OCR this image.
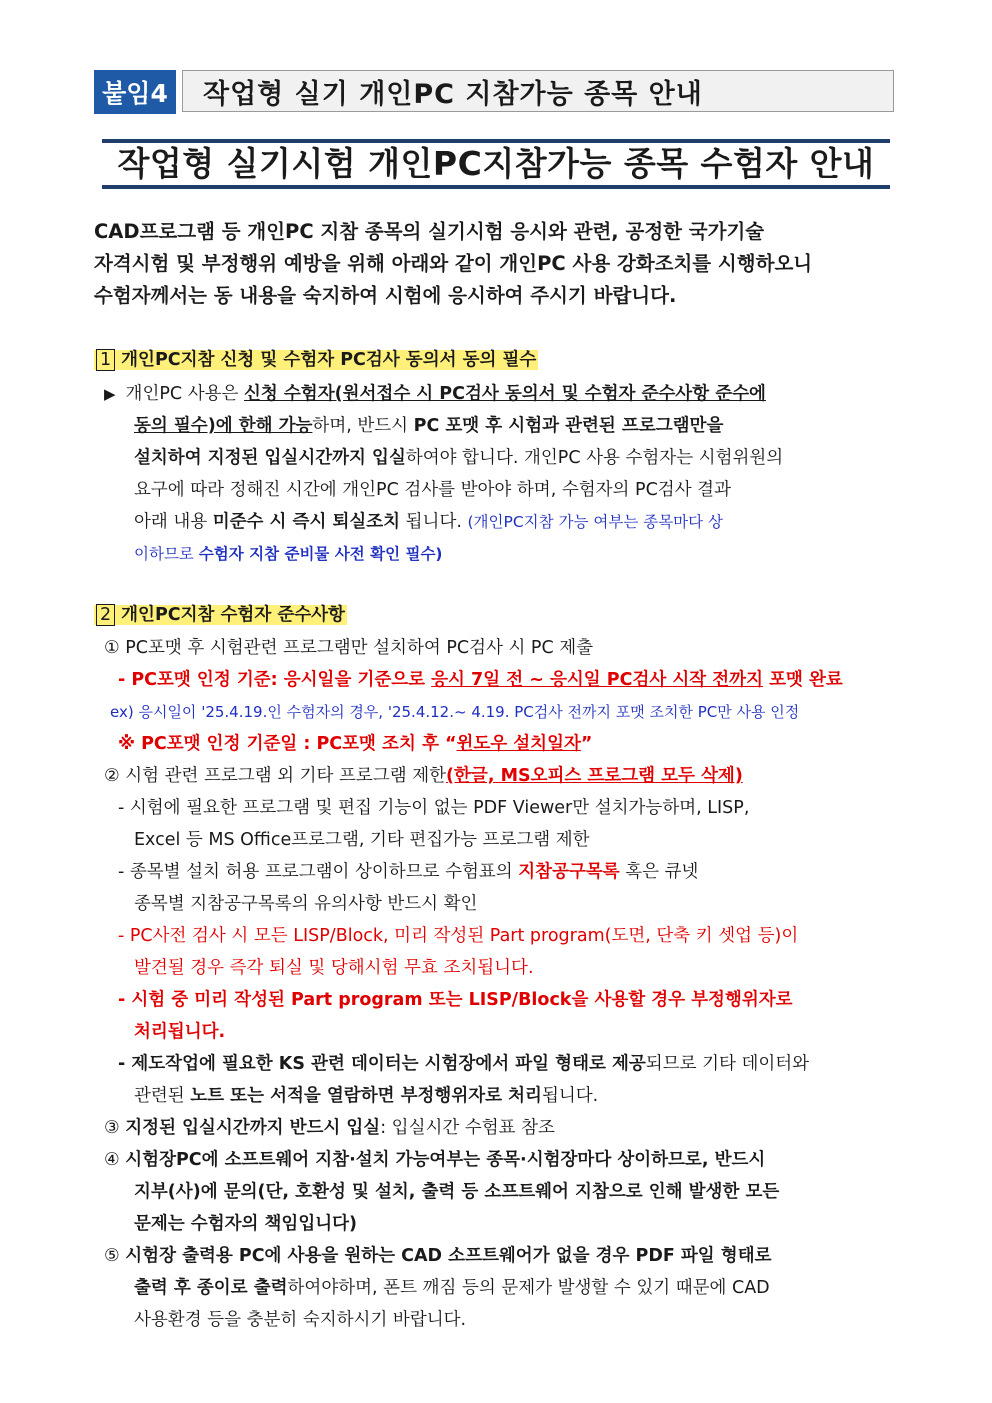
붙임4	작업형 실기 개인PC 지참가능 종목 안내
작업형 실기시험 개인PC지참가능 종목 수험자 안내
CAD프로그램 등 개인PC 지참 종목의 실기시험 응시와 관련, 공정한 국가기술
자격시험 및 부정행위 예방을 위해 아래와 같이 개인PC 사용 강화조치를 시행하오니
수험자께서는 동 내용을 숙지하여 시험에 응시하여 주시기 바랍니다.
1 개인PC지참 신청 및 수험자 PC검사 동의서 동의 필수
▶ 개인PC 사용은 신청 수험자(원서접수 시 PC검사 동의서 및 수험자 준수사항 준수에
동의 필수)에 한해 가능하며, 반드시 PC 포맷 후 시험과 관련된 프로그램만을
설치하여 지정된 입실시간까지 입실하여야 합니다. 개인PC 사용 수험자는 시험위원의
요구에 따라 정해진 시간에 개인PC 검사를 받아야 하며, 수험자의 PC검사 결과
아래 내용 미준수 시 즉시 퇴실조치 됩니다. (개인PC지참 가능 여부는 종목마다 상
이하므로 수험자 지참 준비물 사전 확인 필수)
2 개인PC지참 수험자 준수사항
① PC포맷 후 시험관련 프로그램만 설치하여 PC검사 시 PC 제출
- PC포맷 인정 기준: 응시일을 기준으로 응시 7일 전 ~ 응시일 PC검사 시작 전까지 포맷 완료
ex) 응시일이 '25.4.19.인 수험자의 경우, '25.4.12.~ 4.19. PC검사 전까지 포맷 조치한 PC만 사용 인정
※ PC포맷 인정 기준일 : PC포맷 조치 후 “윈도우 설치일자”
② 시험 관련 프로그램 외 기타 프로그램 제한(한글, MS오피스 프로그램 모두 삭제)
- 시험에 필요한 프로그램 및 편집 기능이 없는 PDF Viewer만 설치가능하며, LISP,
Excel 등 MS Office프로그램, 기타 편집가능 프로그램 제한
- 종목별 설치 허용 프로그램이 상이하므로 수험표의 지참공구목록 혹은 큐넷
종목별 지참공구목록의 유의사항 반드시 확인
- PC사전 검사 시 모든 LISP/Block, 미리 작성된 Part program(도면, 단축 키 셋업 등)이
발견될 경우 즉각 퇴실 및 당해시험 무효 조치됩니다.
- 시험 중 미리 작성된 Part program 또는 LISP/Block을 사용할 경우 부정행위자로
처리됩니다.
- 제도작업에 필요한 KS 관련 데이터는 시험장에서 파일 형태로 제공되므로 기타 데이터와
관련된 노트 또는 서적을 열람하면 부정행위자로 처리됩니다.
③ 지정된 입실시간까지 반드시 입실: 입실시간 수험표 참조
④ 시험장PC에 소프트웨어 지참·설치 가능여부는 종목·시험장마다 상이하므로, 반드시
지부(사)에 문의(단, 호환성 및 설치, 출력 등 소프트웨어 지참으로 인해 발생한 모든
문제는 수험자의 책임입니다)
⑤ 시험장 출력용 PC에 사용을 원하는 CAD 소프트웨어가 없을 경우 PDF 파일 형태로
출력 후 종이로 출력하여야하며, 폰트 깨짐 등의 문제가 발생할 수 있기 때문에 CAD
사용환경 등을 충분히 숙지하시기 바랍니다.
